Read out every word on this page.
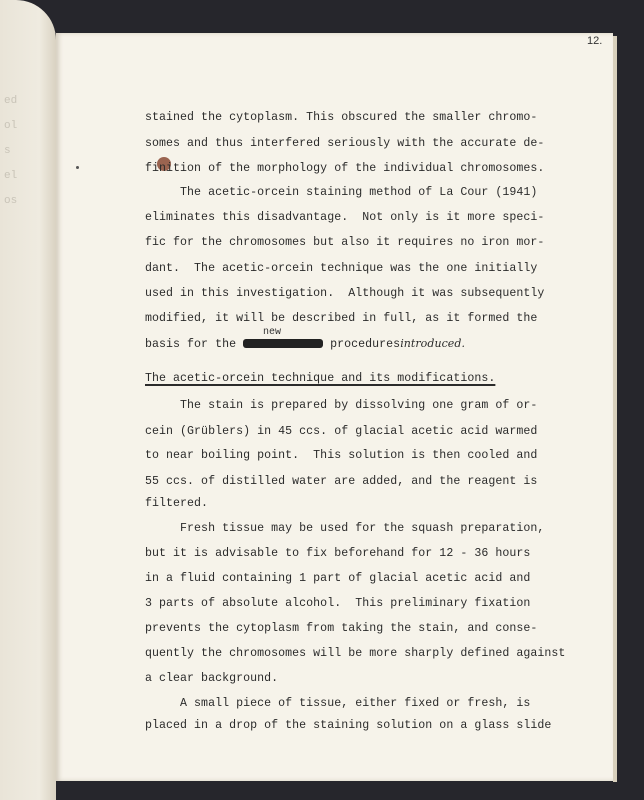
ed
ol
s
el
os
12.
stained the cytoplasm. This obscured the smaller chromo-
somes and thus interfered seriously with the accurate de-
finition of the morphology of the individual chromosomes.
The acetic-orcein staining method of La Cour (1941)
eliminates this disadvantage.  Not only is it more speci-
fic for the chromosomes but also it requires no iron mor-
dant.  The acetic-orcein technique was the one initially
used in this investigation.  Although it was subsequently
modified, it will be described in full, as it formed the
new
basis for the	proceduresintroduced.
The acetic-orcein technique and its modifications.
The stain is prepared by dissolving one gram of or-
cein (Grüblers) in 45 ccs. of glacial acetic acid warmed
to near boiling point.  This solution is then cooled and
55 ccs. of distilled water are added, and the reagent is
filtered.
Fresh tissue may be used for the squash preparation,
but it is advisable to fix beforehand for 12 - 36 hours
in a fluid containing 1 part of glacial acetic acid and
3 parts of absolute alcohol.  This preliminary fixation
prevents the cytoplasm from taking the stain, and conse-
quently the chromosomes will be more sharply defined against
a clear background.
A small piece of tissue, either fixed or fresh, is
placed in a drop of the staining solution on a glass slide
